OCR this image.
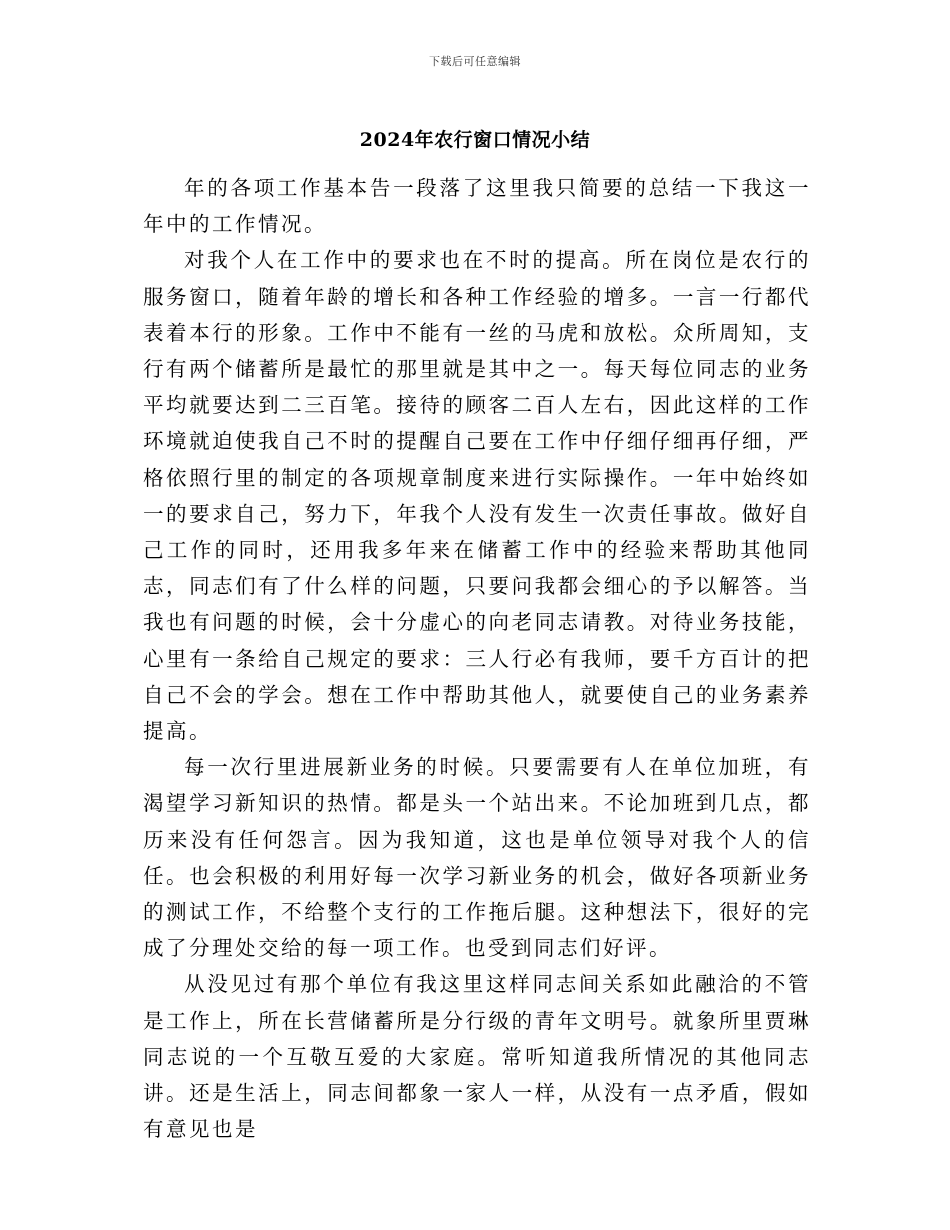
下载后可任意编辑
2024年农行窗口情况小结

年的各项工作基本告一段落了这里我只简要的总结一下我这一年中的工作情况。

对我个人在工作中的要求也在不时的提高。所在岗位是农行的服务窗口，随着年龄的增长和各种工作经验的增多。一言一行都代表着本行的形象。工作中不能有一丝的马虎和放松。众所周知，支行有两个储蓄所是最忙的那里就是其中之一。每天每位同志的业务平均就要达到二三百笔。接待的顾客二百人左右，因此这样的工作环境就迫使我自己不时的提醒自己要在工作中仔细仔细再仔细，严格依照行里的制定的各项规章制度来进行实际操作。一年中始终如一的要求自己，努力下，年我个人没有发生一次责任事故。做好自己工作的同时，还用我多年来在储蓄工作中的经验来帮助其他同志，同志们有了什么样的问题，只要问我都会细心的予以解答。当我也有问题的时候，会十分虚心的向老同志请教。对待业务技能，心里有一条给自己规定的要求：三人行必有我师，要千方百计的把自己不会的学会。想在工作中帮助其他人，就要使自己的业务素养提高。

每一次行里进展新业务的时候。只要需要有人在单位加班，有渴望学习新知识的热情。都是头一个站出来。不论加班到几点，都历来没有任何怨言。因为我知道，这也是单位领导对我个人的信任。也会积极的利用好每一次学习新业务的机会，做好各项新业务的测试工作，不给整个支行的工作拖后腿。这种想法下，很好的完成了分理处交给的每一项工作。也受到同志们好评。

从没见过有那个单位有我这里这样同志间关系如此融洽的不管是工作上，所在长营储蓄所是分行级的青年文明号。就象所里贾琳同志说的一个互敬互爱的大家庭。常听知道我所情况的其他同志讲。还是生活上，同志间都象一家人一样，从没有一点矛盾，假如有意见也是
